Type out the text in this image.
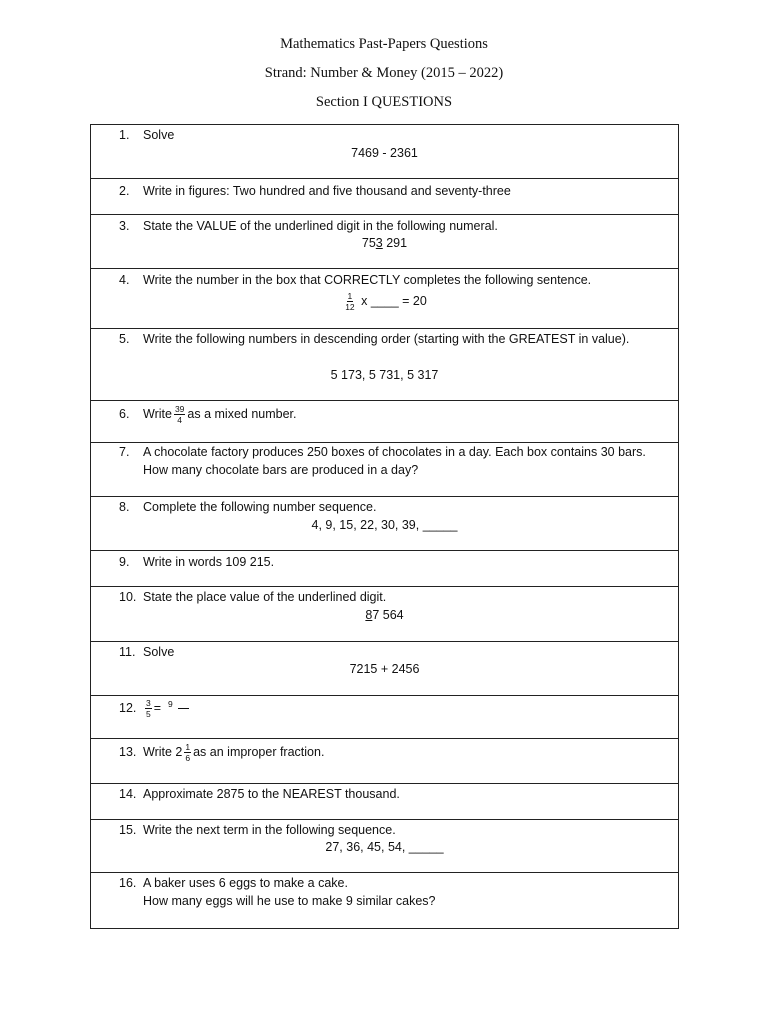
Mathematics Past-Papers Questions
Strand: Number & Money (2015 – 2022)
Section I QUESTIONS
1. Solve
7469 - 2361
2. Write in figures: Two hundred and five thousand and seventy-three
3. State the VALUE of the underlined digit in the following numeral.
753 291
4. Write the number in the box that CORRECTLY completes the following sentence.
$\frac{1}{12}$ x ____ = 20
5. Write the following numbers in descending order (starting with the GREATEST in value).
5 173, 5 731, 5 317
6. Write $\frac{39}{4}$ as a mixed number.
7. A chocolate factory produces 250 boxes of chocolates in a day. Each box contains 30 bars.
How many chocolate bars are produced in a day?
8. Complete the following number sequence.
4, 9, 15, 22, 30, 39, _____
9. Write in words 109 215.
10. State the place value of the underlined digit.
87 564
11. Solve
7215 + 2456
12. $\frac{3}{5} = 9$

13. Write $2 \frac{1}{6}$ as an improper fraction.
14. Approximate 2875 to the NEAREST thousand.
15. Write the next term in the following sequence.
27, 36, 45, 54, _____
16. A baker uses 6 eggs to make a cake.
How many eggs will he use to make 9 similar cakes?
